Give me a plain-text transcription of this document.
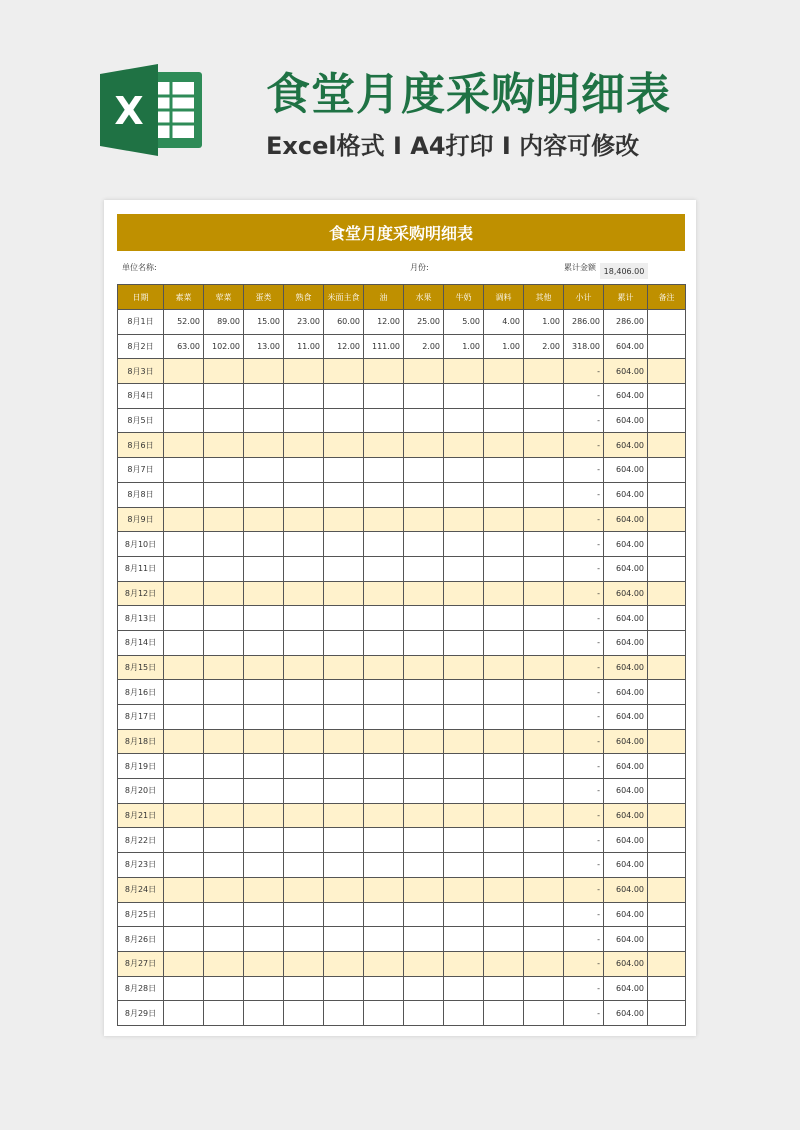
X	食堂月度采购明细表
Excel格式 I A4打印 I 内容可修改
食堂月度采购明细表
单位名称:	月份:	累计金额 18,406.00
日期	素菜	荤菜	蛋类	熟食	米面主食	油	水果	牛奶	调料	其他	小计	累计	备注
8月1日	52.00	89.00	15.00	23.00	60.00	12.00	25.00	5.00	4.00	1.00	286.00	286.00	
8月2日	63.00	102.00	13.00	11.00	12.00	111.00	2.00	1.00	1.00	2.00	318.00	604.00	
8月3日											-	604.00	
8月4日											-	604.00	
8月5日											-	604.00	
8月6日											-	604.00	
8月7日											-	604.00	
8月8日											-	604.00	
8月9日											-	604.00	
8月10日											-	604.00	
8月11日											-	604.00	
8月12日											-	604.00	
8月13日											-	604.00	
8月14日											-	604.00	
8月15日											-	604.00	
8月16日											-	604.00	
8月17日											-	604.00	
8月18日											-	604.00	
8月19日											-	604.00	
8月20日											-	604.00	
8月21日											-	604.00	
8月22日											-	604.00	
8月23日											-	604.00	
8月24日											-	604.00	
8月25日											-	604.00	
8月26日											-	604.00	
8月27日											-	604.00	
8月28日											-	604.00	
8月29日											-	604.00	
